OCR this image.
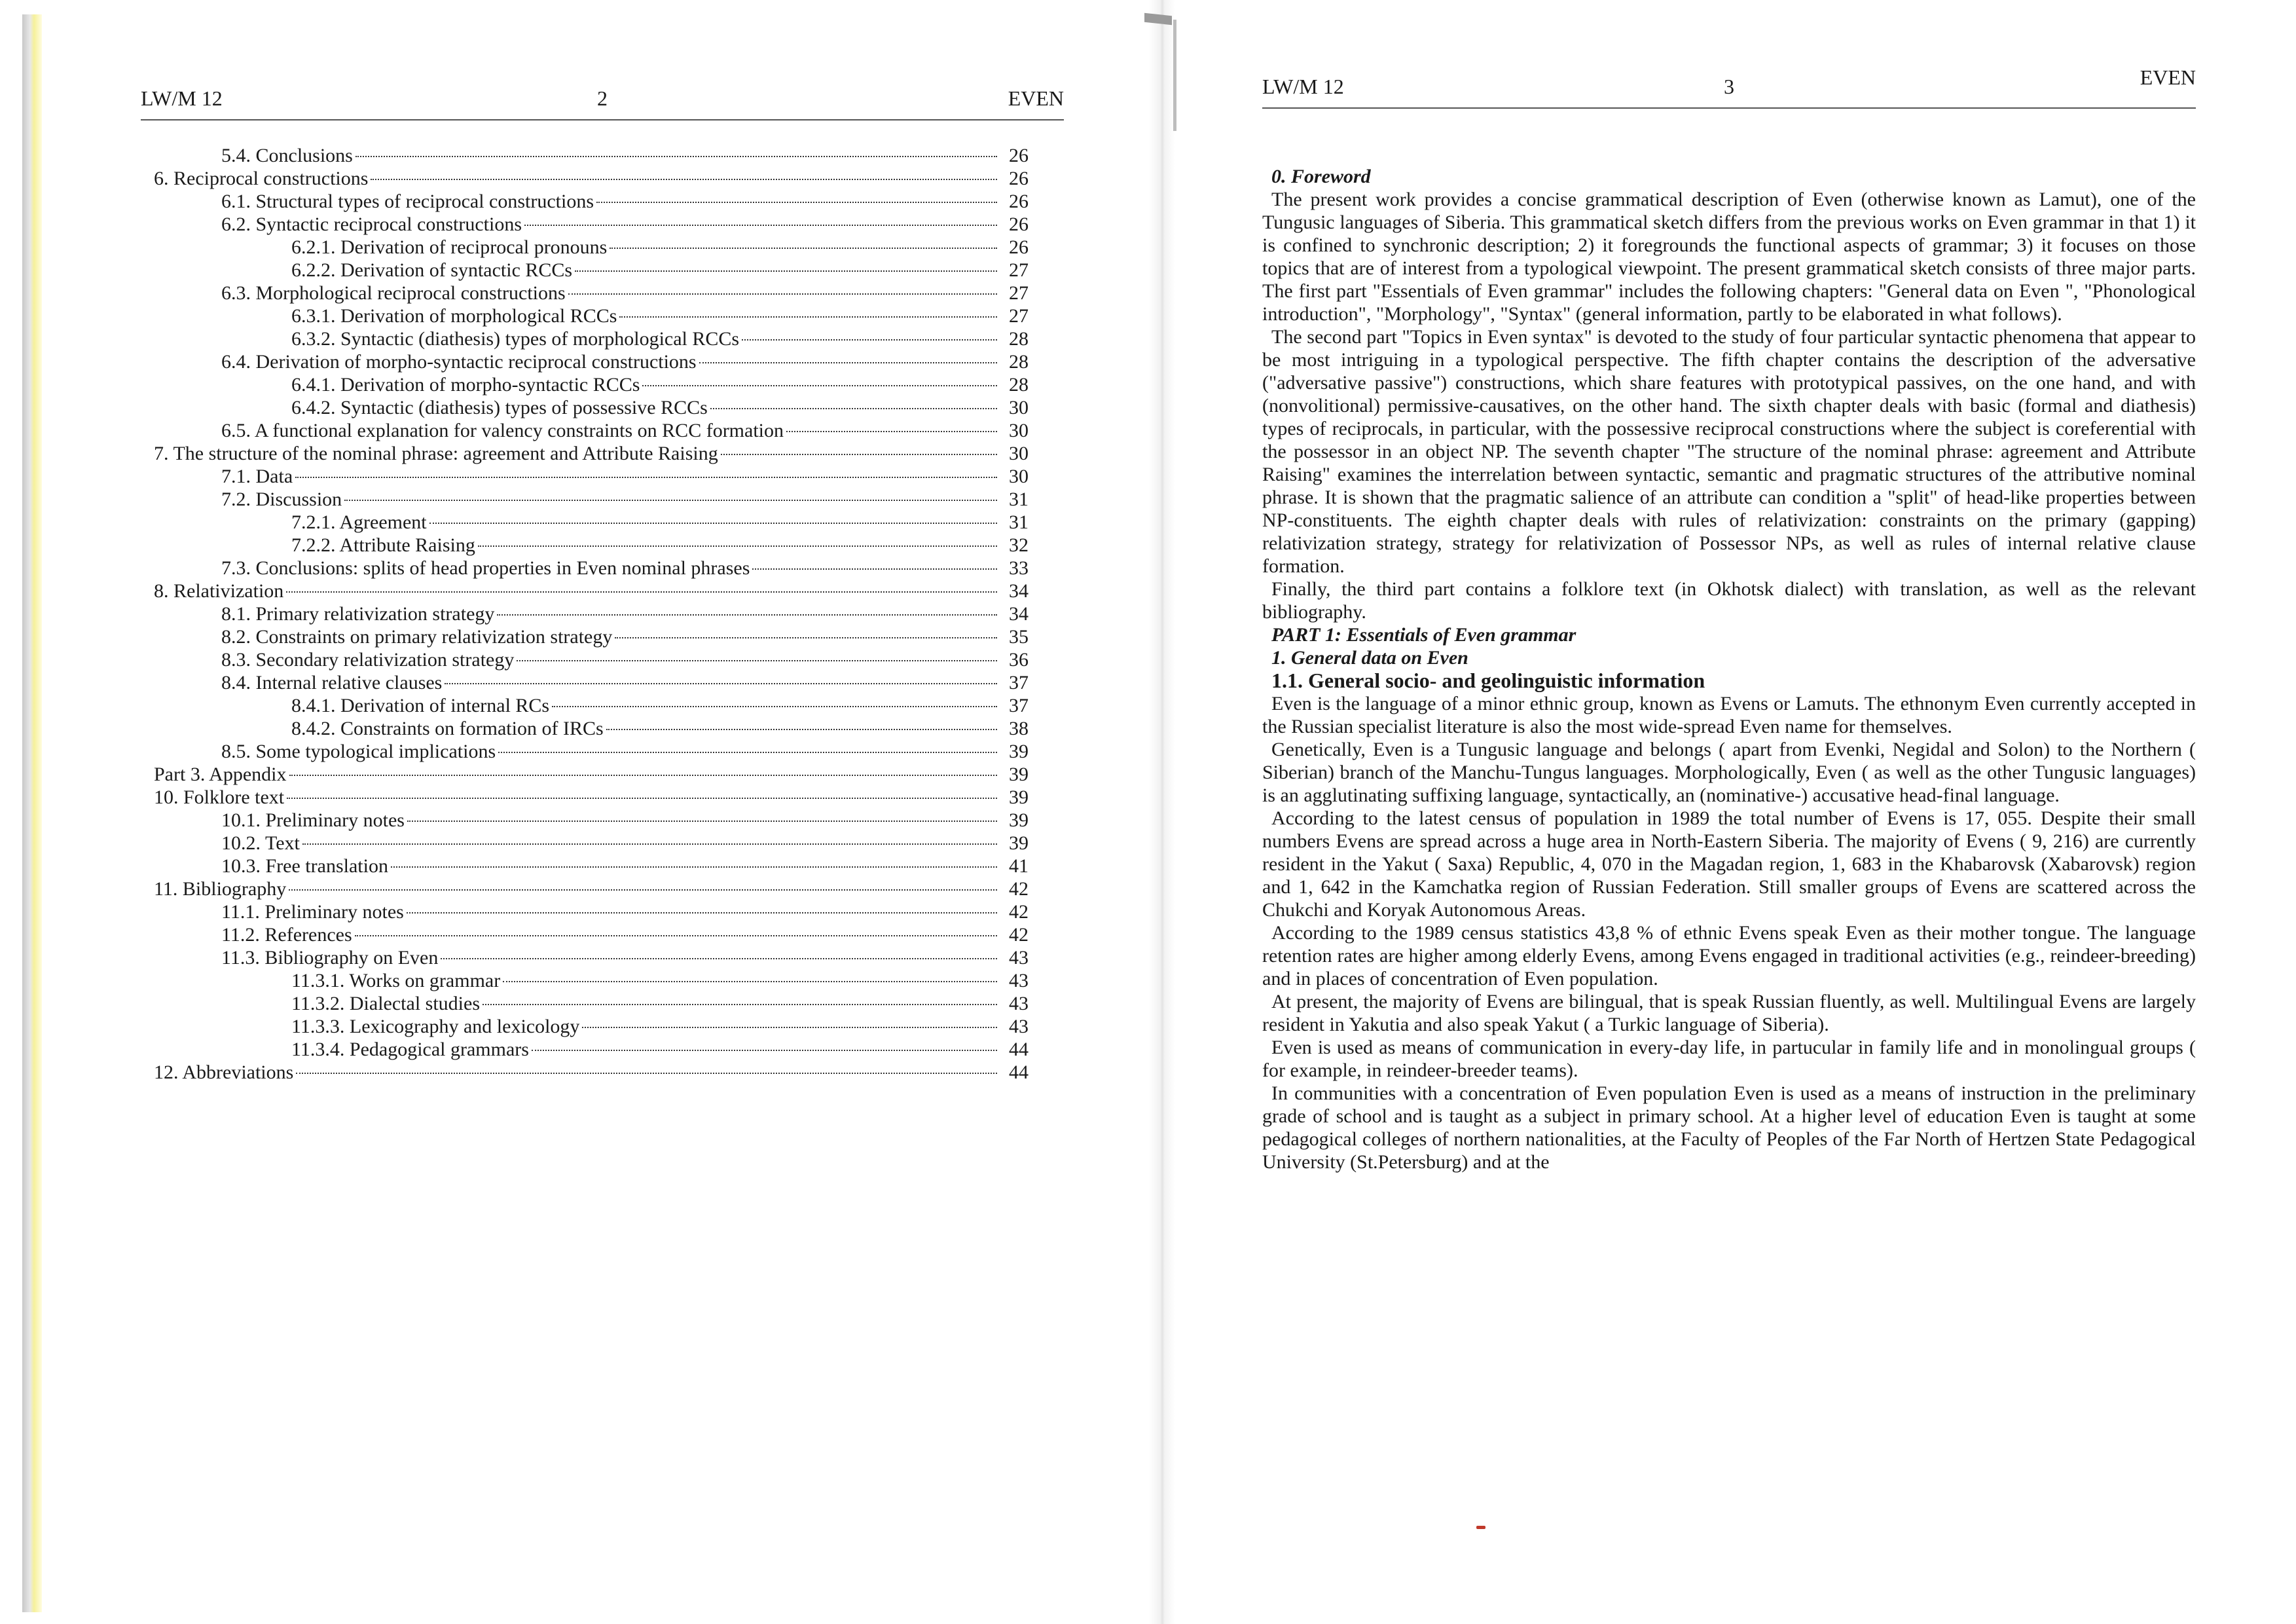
LW/M 12	2	EVEN
5.4. Conclusions	26
6. Reciprocal constructions	26
6.1. Structural types of reciprocal constructions	26
6.2. Syntactic reciprocal constructions	26
6.2.1. Derivation of reciprocal pronouns	26
6.2.2. Derivation of syntactic RCCs	27
6.3. Morphological reciprocal constructions	27
6.3.1. Derivation of morphological RCCs	27
6.3.2. Syntactic (diathesis) types of morphological RCCs	28
6.4. Derivation of morpho-syntactic reciprocal constructions	28
6.4.1. Derivation of morpho-syntactic RCCs	28
6.4.2. Syntactic (diathesis) types of possessive RCCs	30
6.5. A functional explanation for valency constraints on RCC formation	30
7. The structure of the nominal phrase: agreement and Attribute Raising	30
7.1. Data	30
7.2. Discussion	31
7.2.1. Agreement	31
7.2.2. Attribute Raising	32
7.3. Conclusions: splits of head properties in Even nominal phrases	33
8. Relativization	34
8.1. Primary relativization strategy	34
8.2. Constraints on primary relativization strategy	35
8.3. Secondary relativization strategy	36
8.4. Internal relative clauses	37
8.4.1. Derivation of internal RCs	37
8.4.2. Constraints on formation of IRCs	38
8.5. Some typological implications	39
Part 3. Appendix	39
10. Folklore text	39
10.1. Preliminary notes	39
10.2. Text	39
10.3. Free translation	41
11. Bibliography	42
11.1. Preliminary notes	42
11.2. References	42
11.3. Bibliography on Even	43
11.3.1. Works on grammar	43
11.3.2. Dialectal studies	43
11.3.3. Lexicography and lexicology	43
11.3.4. Pedagogical grammars	44
12. Abbreviations	44
LW/M 12	3	EVEN

0. Foreword

The present work provides a concise grammatical description of Even (otherwise known as Lamut), one of the Tungusic languages of Siberia. This grammatical sketch differs from the previous works on Even grammar in that 1) it is confined to synchronic description; 2) it foregrounds the functional aspects of grammar; 3) it focuses on those topics that are of interest from a typological viewpoint. The present grammatical sketch consists of three major parts. The first part "Essentials of Even grammar" includes the following chapters: "General data on Even ", "Phonological introduction", "Morphology", "Syntax" (general information, partly to be elaborated in what follows).

The second part "Topics in Even syntax" is devoted to the study of four particular syntactic phenomena that appear to be most intriguing in a typological perspective. The fifth chapter contains the description of the adversative ("adversative passive") constructions, which share features with prototypical passives, on the one hand, and with (nonvolitional) permissive-causatives, on the other hand. The sixth chapter deals with basic (formal and diathesis) types of reciprocals, in particular, with the possessive reciprocal constructions where the subject is coreferential with the possessor in an object NP. The seventh chapter "The structure of the nominal phrase: agreement and Attribute Raising" examines the interrelation between syntactic, semantic and pragmatic structures of the attributive nominal phrase. It is shown that the pragmatic salience of an attribute can condition a "split" of head-like properties between NP-constituents. The eighth chapter deals with rules of relativization: constraints on the primary (gapping) relativization strategy, strategy for relativization of Possessor NPs, as well as rules of internal relative clause formation.

Finally, the third part contains a folklore text (in Okhotsk dialect) with translation, as well as the relevant bibliography.

PART 1: Essentials of Even grammar

1. General data on Even

1.1. General socio- and geolinguistic information

Even is the language of a minor ethnic group, known as Evens or Lamuts. The ethnonym Even currently accepted in the Russian specialist literature is also the most wide-spread Even name for themselves.

Genetically, Even is a Tungusic language and belongs ( apart from Evenki, Negidal and Solon) to the Northern ( Siberian) branch of the Manchu-Tungus languages. Morphologically, Even ( as well as the other Tungusic languages) is an agglutinating suffixing language, syntactically, an (nominative-) accusative head-final language.

According to the latest census of population in 1989 the total number of Evens is 17, 055. Despite their small numbers Evens are spread across a huge area in North-Eastern Siberia. The majority of Evens ( 9, 216) are currently resident in the Yakut ( Saxa) Republic, 4, 070 in the Magadan region, 1, 683 in the Khabarovsk (Xabarovsk) region and 1, 642 in the Kamchatka region of Russian Federation. Still smaller groups of Evens are scattered across the Chukchi and Koryak Autonomous Areas.

According to the 1989 census statistics 43,8 % of ethnic Evens speak Even as their mother tongue. The language retention rates are higher among elderly Evens, among Evens engaged in traditional activities (e.g., reindeer-breeding) and in places of concentration of Even population.

At present, the majority of Evens are bilingual, that is speak Russian fluently, as well. Multilingual Evens are largely resident in Yakutia and also speak Yakut ( a Turkic language of Siberia).

Even is used as means of communication in every-day life, in partucular in family life and in monolingual groups ( for example, in reindeer-breeder teams).

In communities with a concentration of Even population Even is used as a means of instruction in the preliminary grade of school and is taught as a subject in primary school. At a higher level of education Even is taught at some pedagogical colleges of northern nationalities, at the Faculty of Peoples of the Far North of Hertzen State Pedagogical University (St.Petersburg) and at the
